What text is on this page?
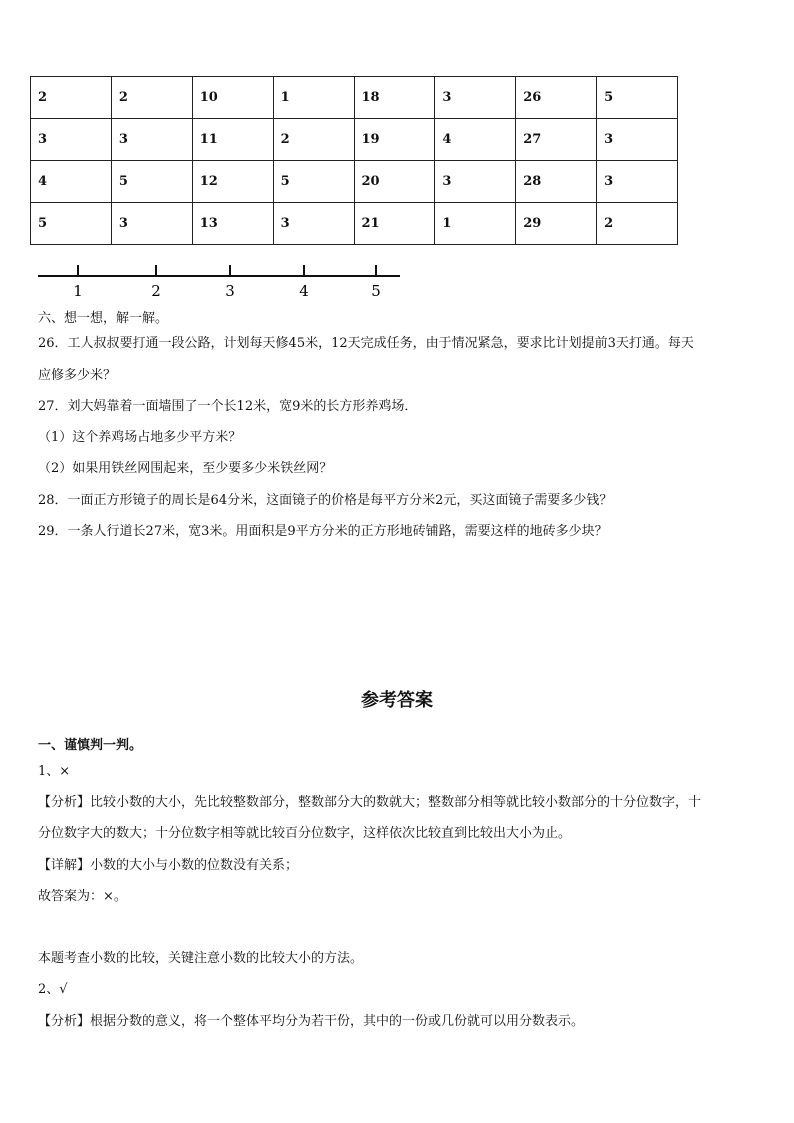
2	2	10	1	18	3	26	5
3	3	11	2	19	4	27	3
4	5	12	5	20	3	28	3
5	3	13	3	21	1	29	2
1	2	3	4	5
六、想一想，解一解。
26．工人叔叔要打通一段公路，计划每天修45米，12天完成任务，由于情况紧急，要求比计划提前3天打通。每天
应修多少米？
27．刘大妈靠着一面墙围了一个长12米，宽9米的长方形养鸡场．
（1）这个养鸡场占地多少平方米？
（2）如果用铁丝网围起来，至少要多少米铁丝网？
28．一面正方形镜子的周长是64分米，这面镜子的价格是每平方分米2元，买这面镜子需要多少钱？
29．一条人行道长27米，宽3米。用面积是9平方分米的正方形地砖铺路，需要这样的地砖多少块？
参考答案
一、谨慎判一判。
1、×
【分析】比较小数的大小，先比较整数部分，整数部分大的数就大；整数部分相等就比较小数部分的十分位数字，十
分位数字大的数大；十分位数字相等就比较百分位数字，这样依次比较直到比较出大小为止。
【详解】小数的大小与小数的位数没有关系；
故答案为：×。
本题考查小数的比较，关键注意小数的比较大小的方法。
2、√
【分析】根据分数的意义，将一个整体平均分为若干份，其中的一份或几份就可以用分数表示。
